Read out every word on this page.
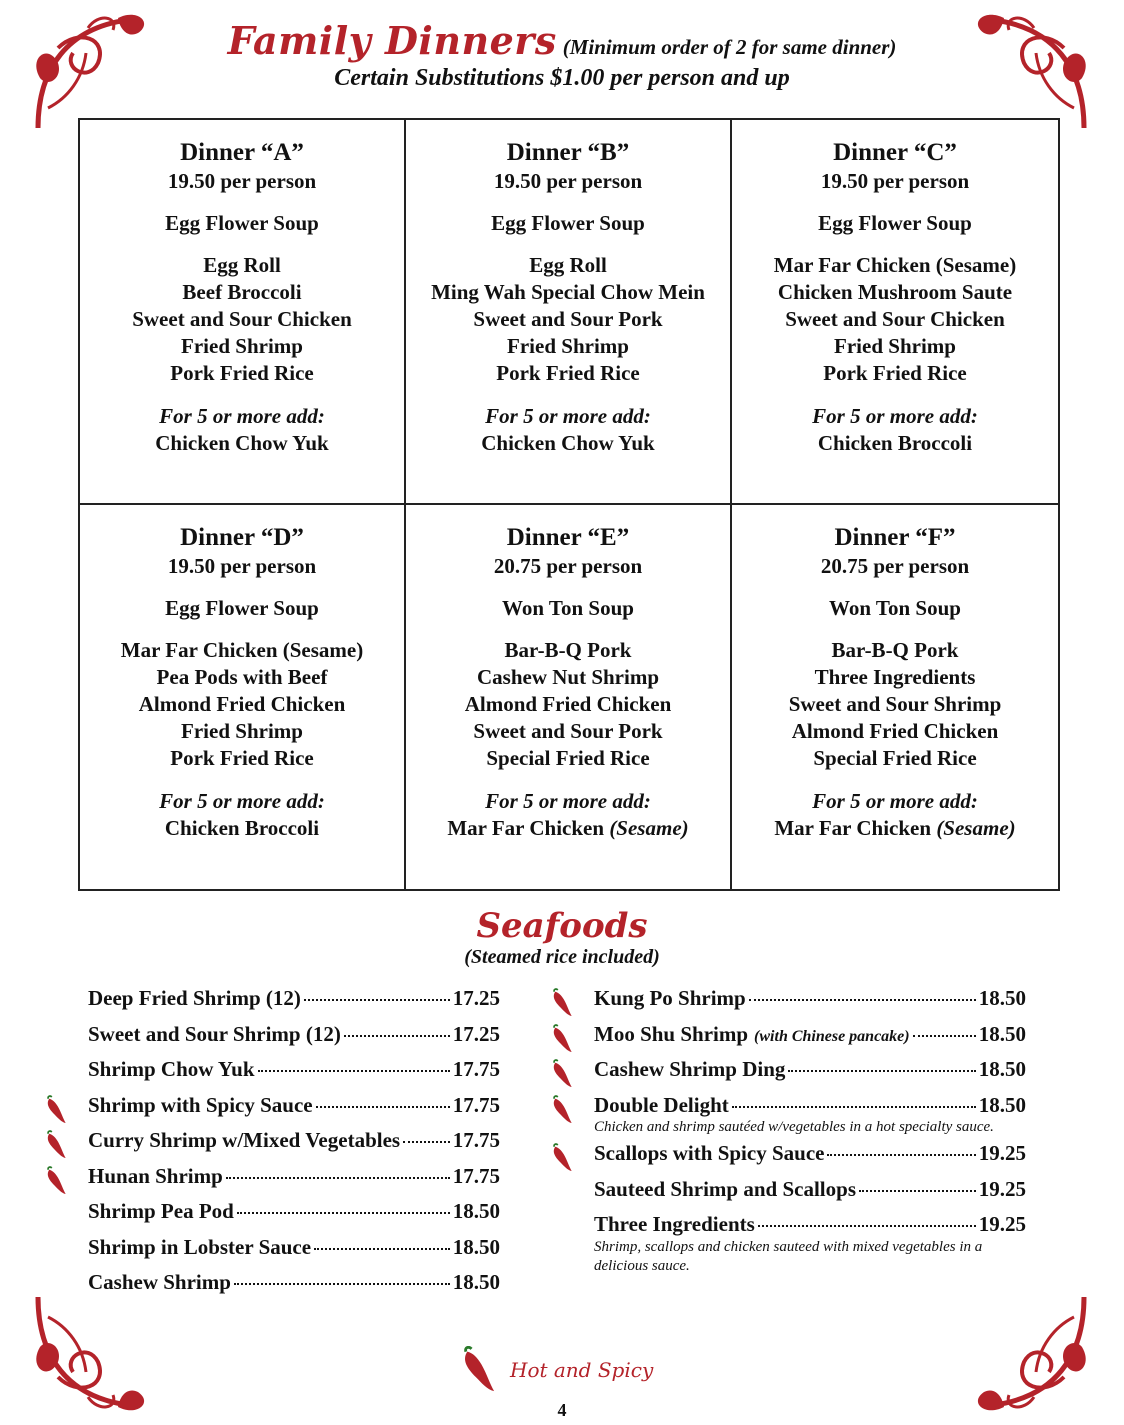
Family Dinners (Minimum order of 2 for same dinner)
Certain Substitutions $1.00 per person and up
Dinner “A”
19.50 per person
Egg Flower Soup
Egg Roll
Beef Broccoli
Sweet and Sour Chicken
Fried Shrimp
Pork Fried Rice
For 5 or more add:
Chicken Chow Yuk
Dinner “B”
19.50 per person
Egg Flower Soup
Egg Roll
Ming Wah Special Chow Mein
Sweet and Sour Pork
Fried Shrimp
Pork Fried Rice
For 5 or more add:
Chicken Chow Yuk
Dinner “C”
19.50 per person
Egg Flower Soup
Mar Far Chicken (Sesame)
Chicken Mushroom Saute
Sweet and Sour Chicken
Fried Shrimp
Pork Fried Rice
For 5 or more add:
Chicken Broccoli
Dinner “D”
19.50 per person
Egg Flower Soup
Mar Far Chicken (Sesame)
Pea Pods with Beef
Almond Fried Chicken
Fried Shrimp
Pork Fried Rice
For 5 or more add:
Chicken Broccoli
Dinner “E”
20.75 per person
Won Ton Soup
Bar-B-Q Pork
Cashew Nut Shrimp
Almond Fried Chicken
Sweet and Sour Pork
Special Fried Rice
For 5 or more add:
Mar Far Chicken (Sesame)
Dinner “F”
20.75 per person
Won Ton Soup
Bar-B-Q Pork
Three Ingredients
Sweet and Sour Shrimp
Almond Fried Chicken
Special Fried Rice
For 5 or more add:
Mar Far Chicken (Sesame)
Seafoods
(Steamed rice included)
Deep Fried Shrimp (12)	17.25
Sweet and Sour Shrimp (12)	17.25
Shrimp Chow Yuk	17.75
Shrimp with Spicy Sauce	17.75
Curry Shrimp w/Mixed Vegetables	17.75
Hunan Shrimp	17.75
Shrimp Pea Pod	18.50
Shrimp in Lobster Sauce	18.50
Cashew Shrimp	18.50
Kung Po Shrimp	18.50
Moo Shu Shrimp (with Chinese pancake)	18.50
Cashew Shrimp Ding	18.50
Double Delight	18.50
Chicken and shrimp sautéed w/vegetables in a hot specialty sauce.
Scallops with Spicy Sauce	19.25
Sauteed Shrimp and Scallops	19.25
Three Ingredients	19.25
Shrimp, scallops and chicken sauteed with mixed vegetables in a delicious sauce.
Hot and Spicy
4
